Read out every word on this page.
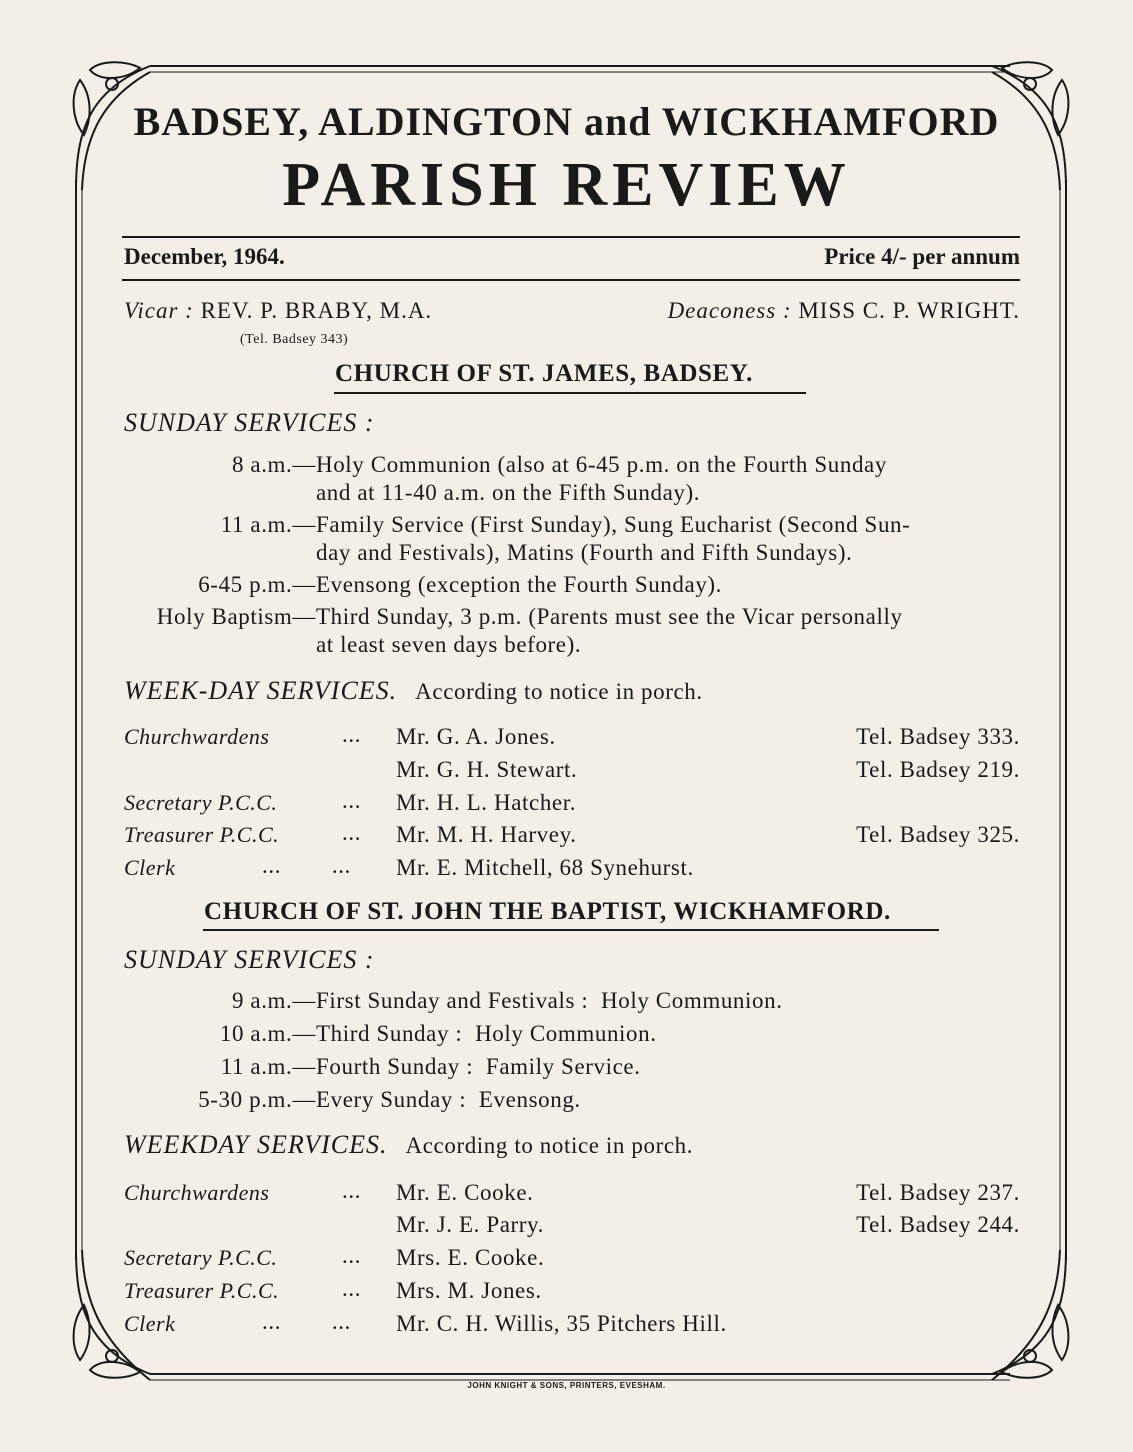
BADSEY, ALDINGTON and WICKHAMFORD
PARISH REVIEW
December, 1964.	Price 4/- per annum
Vicar : REV. P. BRABY, M.A.
(Tel. Badsey 343)
Deaconess : MISS C. P. WRIGHT.
CHURCH OF ST. JAMES, BADSEY.
SUNDAY SERVICES :
8 a.m.— Holy Communion (also at 6-45 p.m. on the Fourth Sunday
and at 11-40 a.m. on the Fifth Sunday).
11 a.m.— Family Service (First Sunday), Sung Eucharist (Second Sun-
day and Festivals), Matins (Fourth and Fifth Sundays).
6-45 p.m.— Evensong (exception the Fourth Sunday).
Holy Baptism— Third Sunday, 3 p.m. (Parents must see the Vicar personally
at least seven days before).
WEEK-DAY SERVICES. According to notice in porch.
Churchwardens	... Mr. G. A. Jones.	Tel. Badsey 333.
Mr. G. H. Stewart.	Tel. Badsey 219.
Secretary P.C.C.	... Mr. H. L. Hatcher.
Treasurer P.C.C.	... Mr. M. H. Harvey.	Tel. Badsey 325.
Clerk	...        ... Mr. E. Mitchell, 68 Synehurst.
CHURCH OF ST. JOHN THE BAPTIST, WICKHAMFORD.
SUNDAY SERVICES :
9 a.m.— First Sunday and Festivals :  Holy Communion.
10 a.m.— Third Sunday :  Holy Communion.
11 a.m.— Fourth Sunday :  Family Service.
5-30 p.m.— Every Sunday :  Evensong.
WEEKDAY SERVICES. According to notice in porch.
Churchwardens	... Mr. E. Cooke.	Tel. Badsey 237.
Mr. J. E. Parry.	Tel. Badsey 244.
Secretary P.C.C.	... Mrs. E. Cooke.
Treasurer P.C.C.	... Mrs. M. Jones.
Clerk	...        ... Mr. C. H. Willis, 35 Pitchers Hill.
JOHN KNIGHT & SONS, PRINTERS, EVESHAM.
